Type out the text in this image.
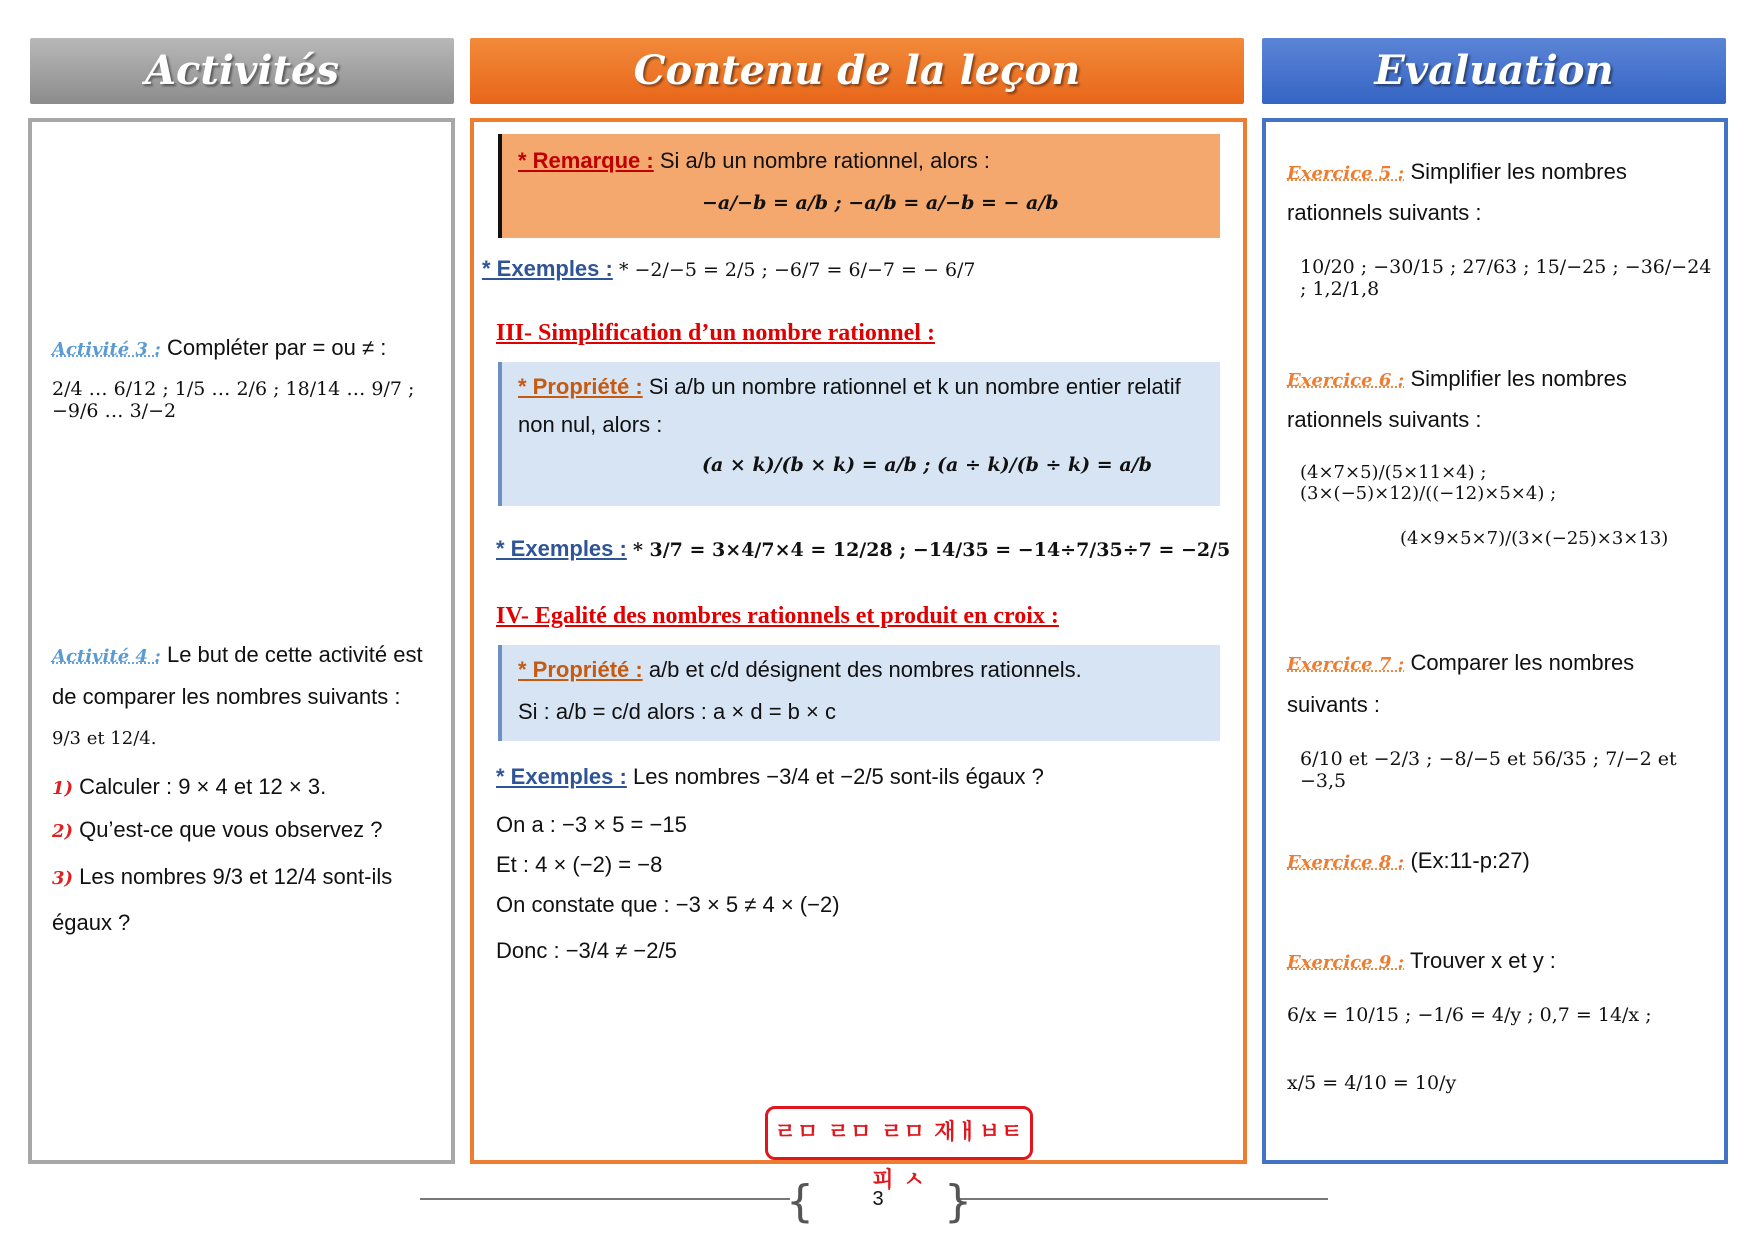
Activités	Contenu de la leçon	Evaluation
Activité 3 : Compléter par = ou ≠ :
2/4 … 6/12 ; 1/5 … 2/6 ; 18/14 … 9/7 ; −9/6 … 3/−2
Activité 4 : Le but de cette activité est
de comparer les nombres suivants :
9/3 et 12/4.
1) Calculer : 9 × 4 et 12 × 3.
2) Qu’est-ce que vous observez ?
3) Les nombres 9/3 et 12/4 sont-ils
égaux ?
* Remarque : Si a/b un nombre rationnel, alors :
−a/−b = a/b ; −a/b = a/−b = − a/b
* Exemples : * −2/−5 = 2/5 ; −6/7 = 6/−7 = − 6/7
III- Simplification d’un nombre rationnel :
* Propriété : Si a/b un nombre rationnel et k un nombre entier relatif
non nul, alors :
(a × k)/(b × k) = a/b ; (a ÷ k)/(b ÷ k) = a/b
* Exemples : * 3/7 = 3×4/7×4 = 12/28 ; −14/35 = −14÷7/35÷7 = −2/5
IV- Egalité des nombres rationnels et produit en croix :
* Propriété : a/b et c/d désignent des nombres rationnels.
Si : a/b = c/d alors : a × d = b × c
* Exemples : Les nombres −3/4 et −2/5 sont-ils égaux ?
On a : −3 × 5 = −15
Et : 4 × (−2) = −8
On constate que : −3 × 5 ≠ 4 × (−2)
Donc : −3/4 ≠ −2/5
ㄹㅁ ㄹㅁ ㄹㅁ 재ㅐㅂㅌ피 ㅅ
Exercice 5 : Simplifier les nombres
rationnels suivants :
10/20 ; −30/15 ; 27/63 ; 15/−25 ; −36/−24 ; 1,2/1,8
Exercice 6 : Simplifier les nombres
rationnels suivants :
(4×7×5)/(5×11×4) ; (3×(−5)×12)/((−12)×5×4) ;
(4×9×5×7)/(3×(−25)×3×13)
Exercice 7 : Comparer les nombres
suivants :
6/10 et −2/3 ; −8/−5 et 56/35 ; 7/−2 et −3,5
Exercice 8 : (Ex:11-p:27)
Exercice 9 : Trouver x et y :
6/x = 10/15 ; −1/6 = 4/y ; 0,7 = 14/x ;
x/5 = 4/10 = 10/y
{	}
3
